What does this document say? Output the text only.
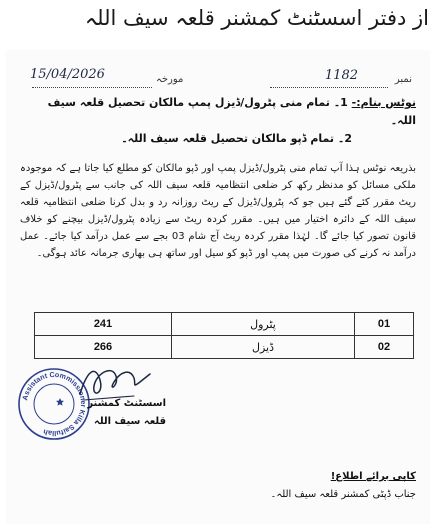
از دفتر اسسٹنٹ کمشنر قلعہ سیف اللہ
نمبر
1182
مورخہ
15/04/2026
نوٹس بنام:- 1۔ تمام منی پٹرول/ڈیزل پمپ مالکان تحصیل قلعہ سیف اللہ۔
2۔ تمام ڈپو مالکان تحصیل قلعہ سیف اللہ۔
بذریعہ نوٹس ہذا آپ تمام منی پٹرول/ڈیزل پمپ اور ڈپو مالکان کو مطلع کیا جاتا ہے کہ موجودہ ملکی مسائل کو مدنظر رکھ کر ضلعی انتظامیہ قلعہ سیف اللہ کی جانب سے پٹرول/ڈیزل کے ریٹ مقرر کئے گئے ہیں جو کہ پٹرول/ڈیزل کے ریٹ روزانہ رد و بدل کرنا ضلعی انتظامیہ قلعہ سیف اللہ کے دائرہ اختیار میں ہیں۔ مقرر کردہ ریٹ سے زیادہ پٹرول/ڈیزل بیچنے کو خلاف قانون تصور کیا جائے گا۔ لہٰذا مقرر کردہ ریٹ آج شام 03 بجے سے عمل درآمد کیا جائے۔ عمل درآمد نہ کرنے کی صورت میں پمپ اور ڈپو کو سیل اور ساتھ ہی بھاری جرمانہ عائد ہوگی۔
241	پٹرول	01
266	ڈیزل	02
Assistant Commissioner Killa Saifullah
اسسٹنٹ کمشنر
قلعہ سیف اللہ
کاپی برائے اطلاع!
جناب ڈپٹی کمشنر قلعہ سیف اللہ۔
